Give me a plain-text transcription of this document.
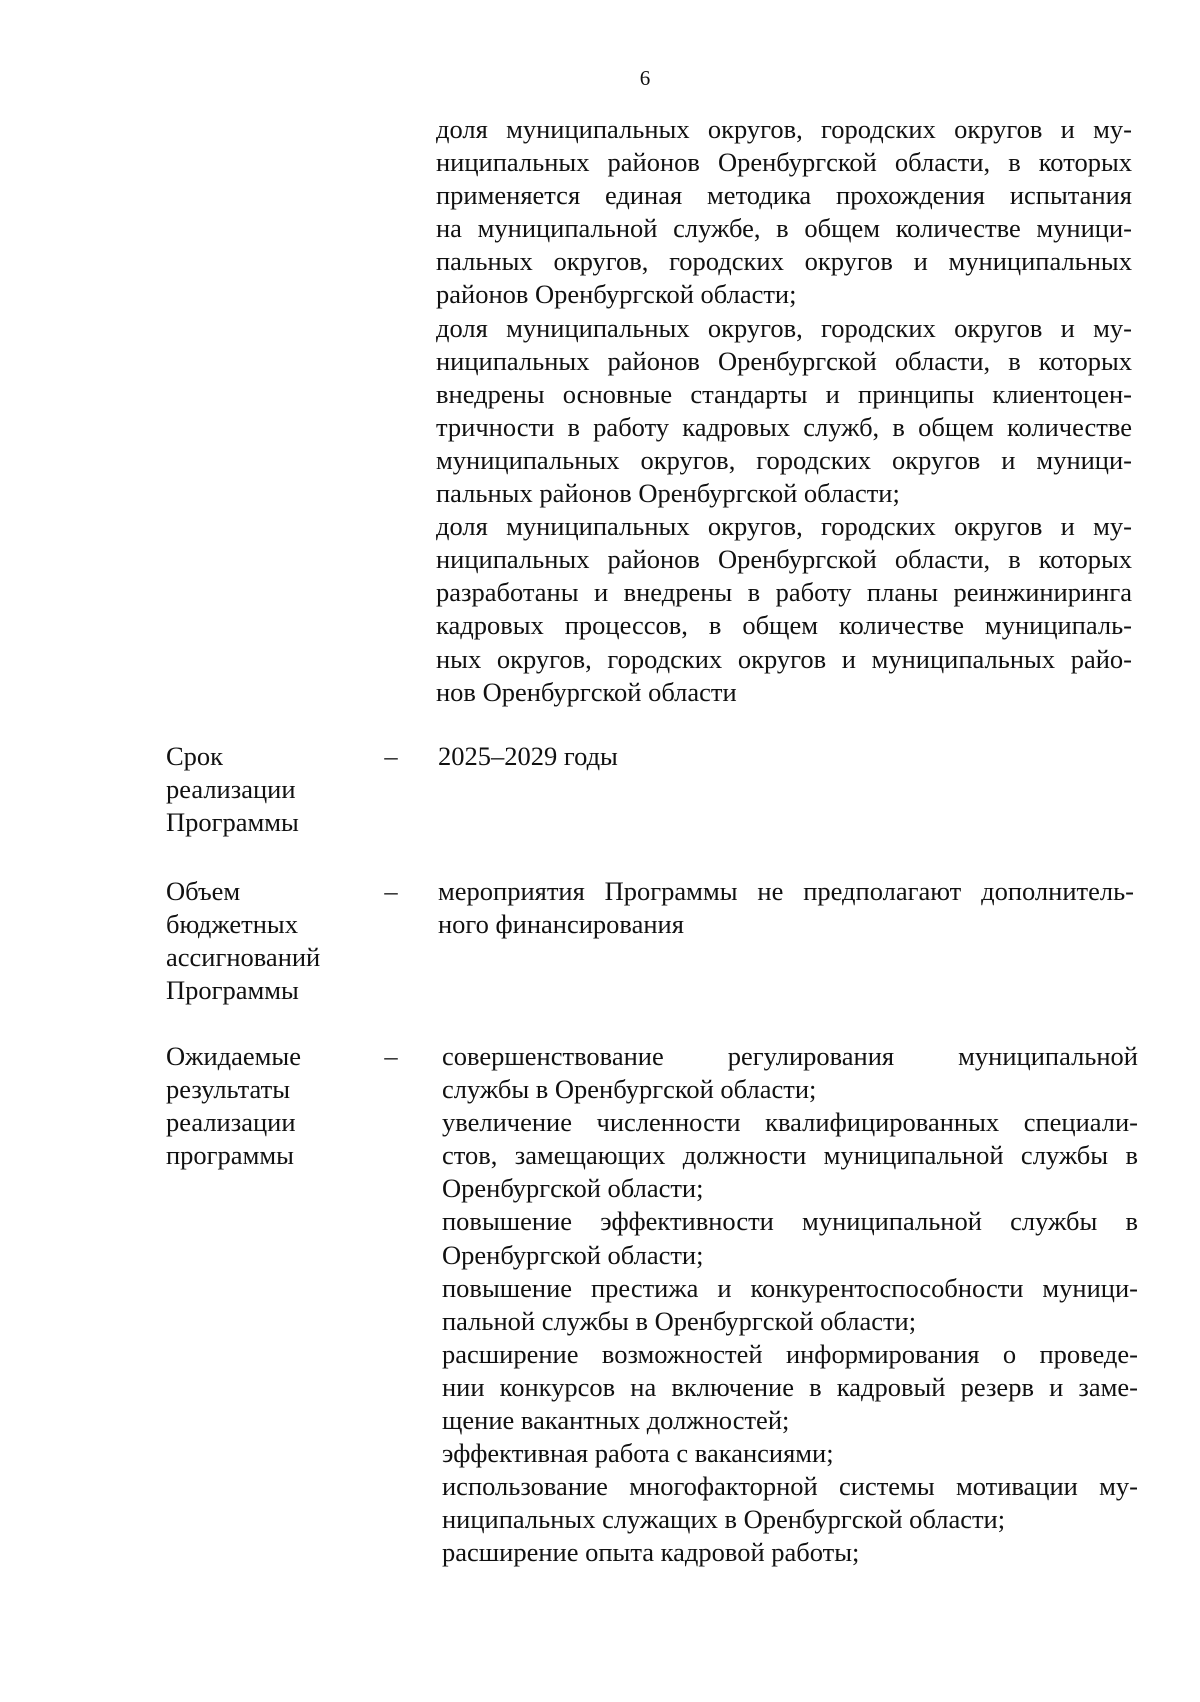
6
доля муниципальных округов, городских округов и му-
ниципальных районов Оренбургской области, в которых
применяется единая методика прохождения испытания
на муниципальной службе, в общем количестве муници-
пальных округов, городских округов и муниципальных
районов Оренбургской области;
доля муниципальных округов, городских округов и му-
ниципальных районов Оренбургской области, в которых
внедрены основные стандарты и принципы клиентоцен-
тричности в работу кадровых служб, в общем количестве
муниципальных округов, городских округов и муници-
пальных районов Оренбургской области;
доля муниципальных округов, городских округов и му-
ниципальных районов Оренбургской области, в которых
разработаны и внедрены в работу планы реинжиниринга
кадровых процессов, в общем количестве муниципаль-
ных округов, городских округов и муниципальных райо-
нов Оренбургской области
Срок
реализации
Программы
–	2025–2029 годы
Объем
бюджетных
ассигнований
Программы
–	мероприятия Программы не предполагают дополнитель-
ного финансирования
Ожидаемые
результаты
реализации
программы
–	совершенствование регулирования муниципальной
службы в Оренбургской области;
увеличение численности квалифицированных специали-
стов, замещающих должности муниципальной службы в
Оренбургской области;
повышение эффективности муниципальной службы в
Оренбургской области;
повышение престижа и конкурентоспособности муници-
пальной службы в Оренбургской области;
расширение возможностей информирования о проведе-
нии конкурсов на включение в кадровый резерв и заме-
щение вакантных должностей;
эффективная работа с вакансиями;
использование многофакторной системы мотивации му-
ниципальных служащих в Оренбургской области;
расширение опыта кадровой работы;
